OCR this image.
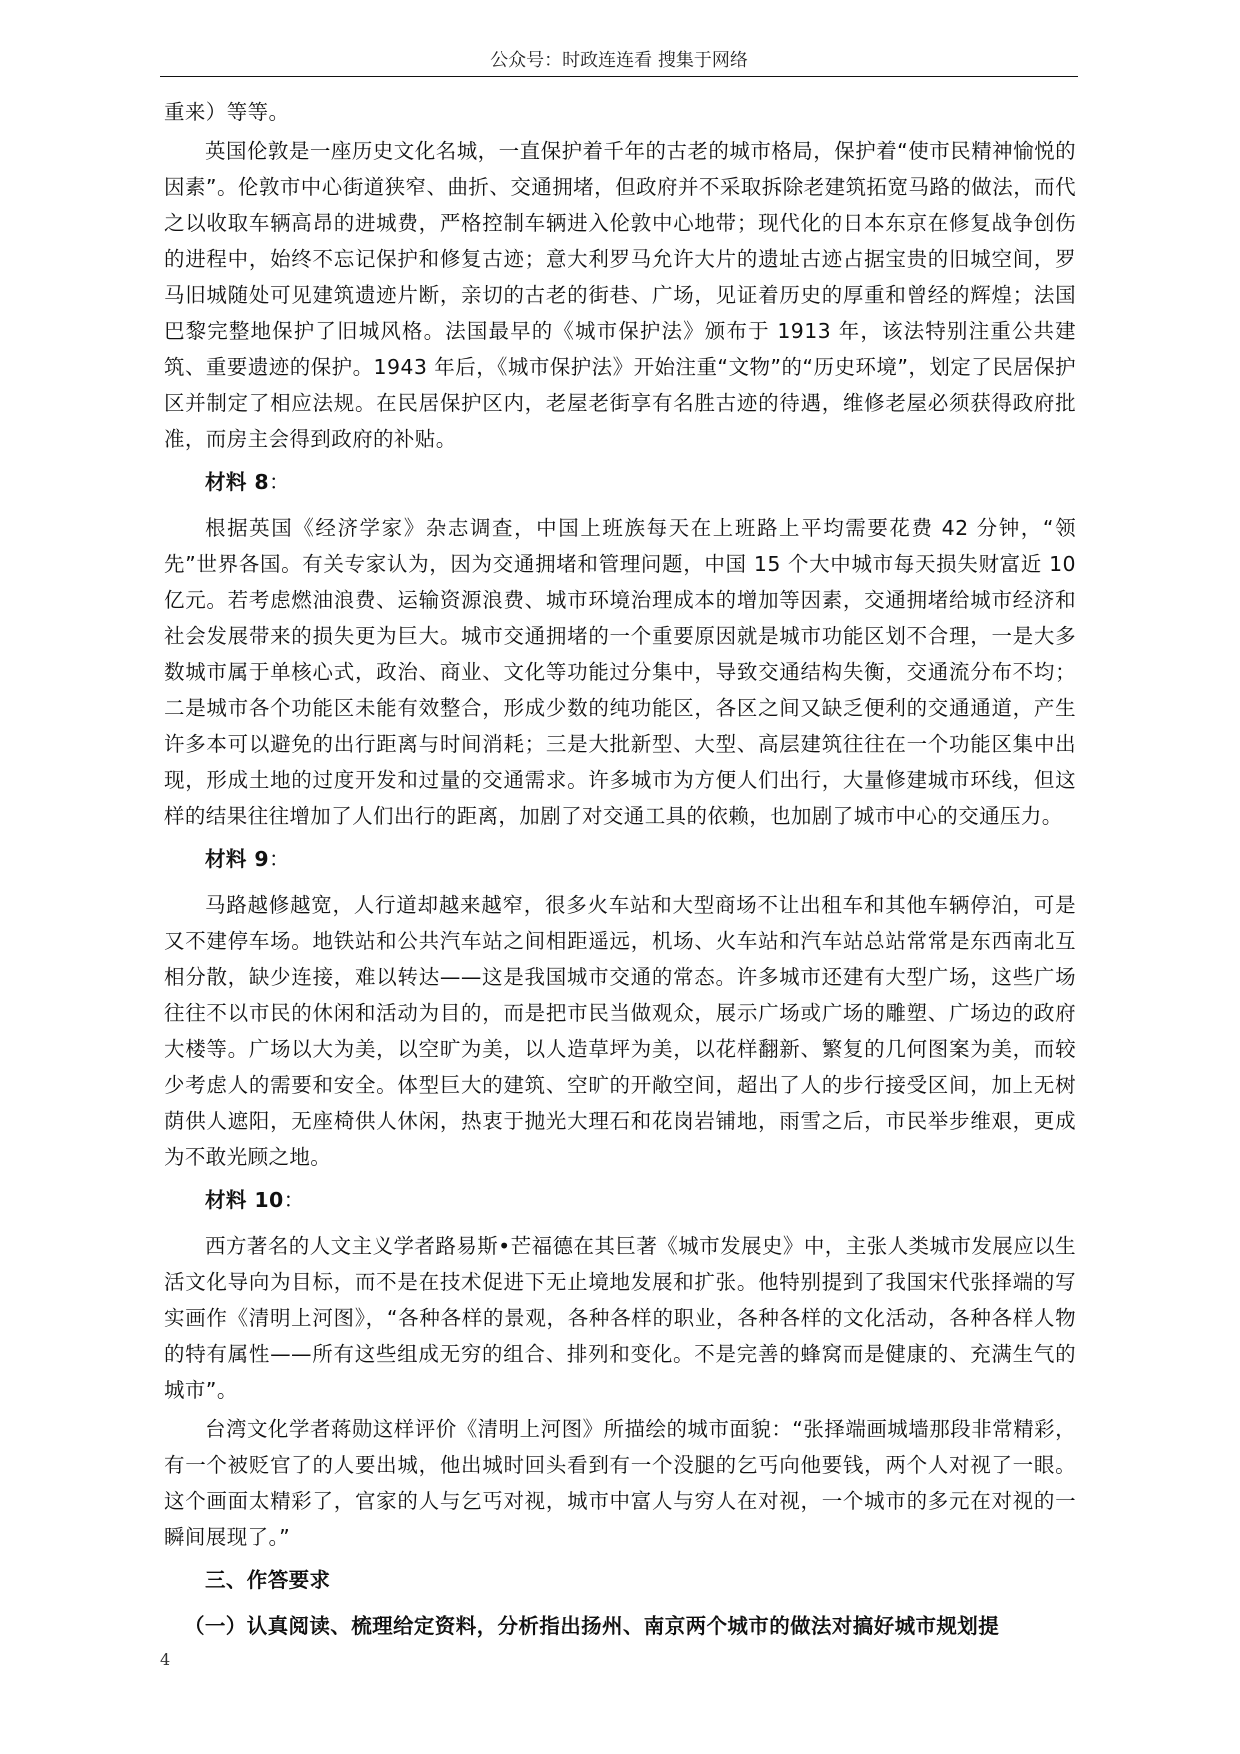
公众号：时政连连看 搜集于网络

重来）等等。

英国伦敦是一座历史文化名城，一直保护着千年的古老的城市格局，保护着“使市民精神愉悦的因素”。伦敦市中心街道狭窄、曲折、交通拥堵，但政府并不采取拆除老建筑拓宽马路的做法，而代之以收取车辆高昂的进城费，严格控制车辆进入伦敦中心地带；现代化的日本东京在修复战争创伤的进程中，始终不忘记保护和修复古迹；意大利罗马允许大片的遗址古迹占据宝贵的旧城空间，罗马旧城随处可见建筑遗迹片断，亲切的古老的街巷、广场，见证着历史的厚重和曾经的辉煌；法国巴黎完整地保护了旧城风格。法国最早的《城市保护法》颁布于 1913 年，该法特别注重公共建筑、重要遗迹的保护。1943 年后，《城市保护法》开始注重“文物”的“历史环境”，划定了民居保护区并制定了相应法规。在民居保护区内，老屋老街享有名胜古迹的待遇，维修老屋必须获得政府批准，而房主会得到政府的补贴。

材料 8：

根据英国《经济学家》杂志调查，中国上班族每天在上班路上平均需要花费 42 分钟，“领先”世界各国。有关专家认为，因为交通拥堵和管理问题，中国 15 个大中城市每天损失财富近 10 亿元。若考虑燃油浪费、运输资源浪费、城市环境治理成本的增加等因素，交通拥堵给城市经济和社会发展带来的损失更为巨大。城市交通拥堵的一个重要原因就是城市功能区划不合理，一是大多数城市属于单核心式，政治、商业、文化等功能过分集中，导致交通结构失衡，交通流分布不均；二是城市各个功能区未能有效整合，形成少数的纯功能区，各区之间又缺乏便利的交通通道，产生许多本可以避免的出行距离与时间消耗；三是大批新型、大型、高层建筑往往在一个功能区集中出现，形成土地的过度开发和过量的交通需求。许多城市为方便人们出行，大量修建城市环线，但这样的结果往往增加了人们出行的距离，加剧了对交通工具的依赖，也加剧了城市中心的交通压力。

材料 9：

马路越修越宽，人行道却越来越窄，很多火车站和大型商场不让出租车和其他车辆停泊，可是又不建停车场。地铁站和公共汽车站之间相距遥远，机场、火车站和汽车站总站常常是东西南北互相分散，缺少连接，难以转达——这是我国城市交通的常态。许多城市还建有大型广场，这些广场往往不以市民的休闲和活动为目的，而是把市民当做观众，展示广场或广场的雕塑、广场边的政府大楼等。广场以大为美，以空旷为美，以人造草坪为美，以花样翻新、繁复的几何图案为美，而较少考虑人的需要和安全。体型巨大的建筑、空旷的开敞空间，超出了人的步行接受区间，加上无树荫供人遮阳，无座椅供人休闲，热衷于抛光大理石和花岗岩铺地，雨雪之后，市民举步维艰，更成为不敢光顾之地。

材料 10：

西方著名的人文主义学者路易斯•芒福德在其巨著《城市发展史》中，主张人类城市发展应以生活文化导向为目标，而不是在技术促进下无止境地发展和扩张。他特别提到了我国宋代张择端的写实画作《清明上河图》，“各种各样的景观，各种各样的职业，各种各样的文化活动，各种各样人物的特有属性——所有这些组成无穷的组合、排列和变化。不是完善的蜂窝而是健康的、充满生气的城市”。

台湾文化学者蒋勋这样评价《清明上河图》所描绘的城市面貌：“张择端画城墙那段非常精彩，有一个被贬官了的人要出城，他出城时回头看到有一个没腿的乞丐向他要钱，两个人对视了一眼。这个画面太精彩了，官家的人与乞丐对视，城市中富人与穷人在对视，一个城市的多元在对视的一瞬间展现了。”

三、作答要求

（一）认真阅读、梳理给定资料，分析指出扬州、南京两个城市的做法对搞好城市规划提

4
